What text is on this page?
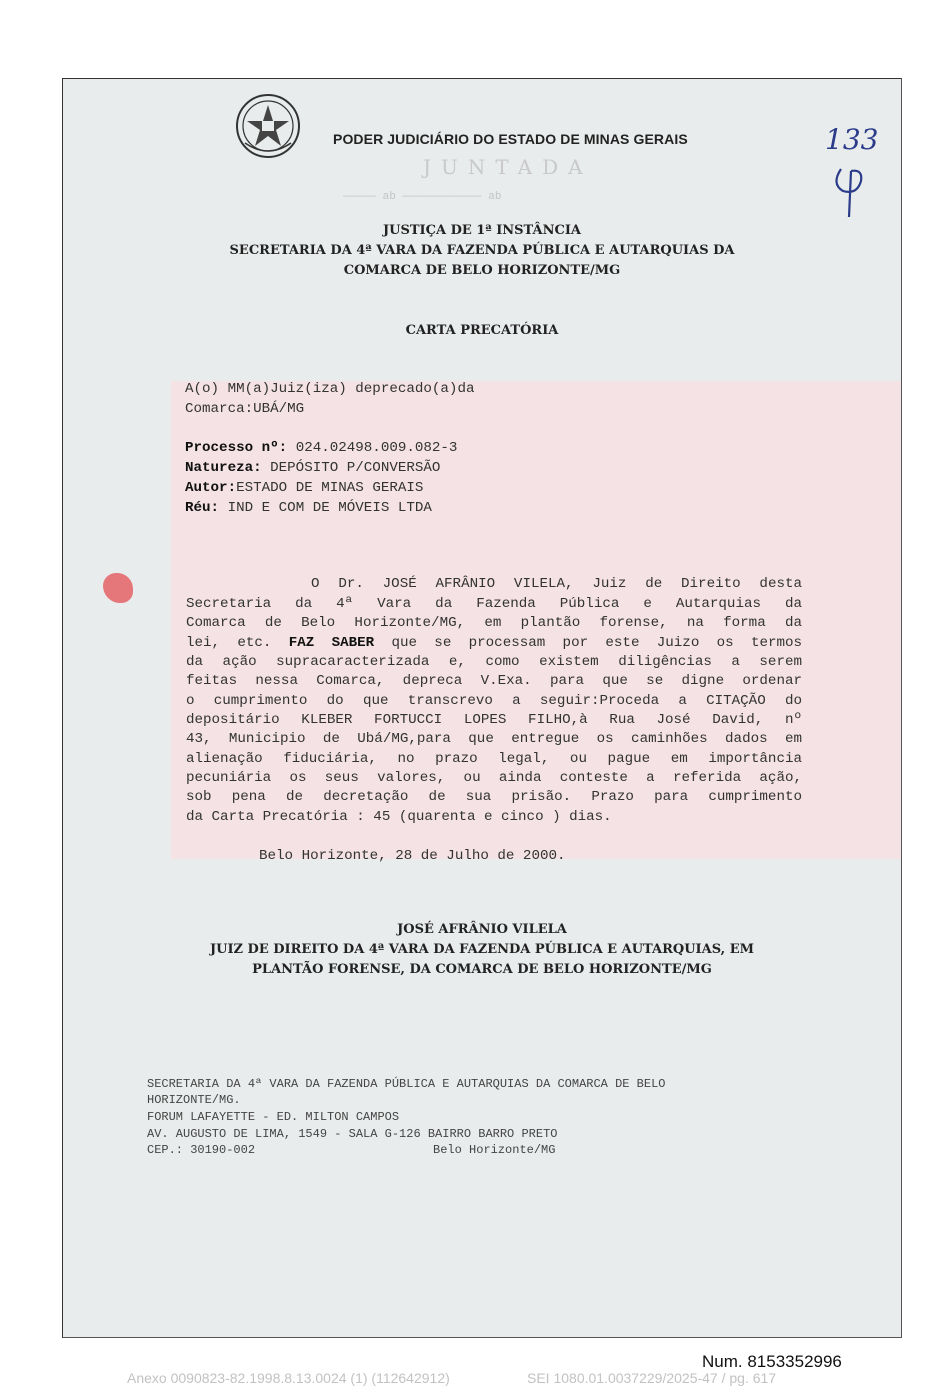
PODER JUDICIÁRIO DO ESTADO DE MINAS GERAIS
JUNTADA
————— ab ———————————— ab
133
JUSTIÇA DE 1ª INSTÂNCIA
SECRETARIA DA 4ª VARA DA FAZENDA PÚBLICA E AUTARQUIAS DA
COMARCA DE BELO HORIZONTE/MG
CARTA PRECATÓRIA
A(o) MM(a)Juiz(iza) deprecado(a)da
Comarca:UBÁ/MG
Processo nº: 024.02498.009.082-3
Natureza: DEPÓSITO P/CONVERSÃO
Autor:ESTADO DE MINAS GERAIS
Réu: IND E COM DE MÓVEIS LTDA
O Dr. JOSÉ AFRÂNIO VILELA, Juiz de Direito desta
Secretaria da 4ª Vara da Fazenda Pública e Autarquias da
Comarca de Belo Horizonte/MG, em plantão forense, na forma da
lei, etc. FAZ SABER que se processam por este Juizo os termos
da ação supracaracterizada e, como existem diligências a serem
feitas nessa Comarca, depreca V.Exa. para que se digne ordenar
o cumprimento do que transcrevo a seguir:Proceda a CITAÇÃO do
depositário KLEBER FORTUCCI LOPES FILHO,à Rua José David, nº
43, Municipio de Ubá/MG,para que entregue os caminhões dados em
alienação fiduciária, no prazo legal, ou pague em importância
pecuniária os seus valores, ou ainda conteste a referida ação,
sob pena de decretação de sua prisão. Prazo para cumprimento
da Carta Precatória : 45 (quarenta e cinco ) dias.
Belo Horizonte, 28 de Julho de 2000.
JOSÉ AFRÂNIO VILELA
JUIZ DE DIREITO DA 4ª VARA DA FAZENDA PÚBLICA E AUTARQUIAS, EM
PLANTÃO FORENSE, DA COMARCA DE BELO HORIZONTE/MG
SECRETARIA DA 4ª VARA DA FAZENDA PÚBLICA E AUTARQUIAS DA COMARCA DE BELO
HORIZONTE/MG.
FORUM LAFAYETTE - ED. MILTON CAMPOS
AV. AUGUSTO DE LIMA, 1549 - SALA G-126 BAIRRO BARRO PRETO
CEP.: 30190-002	Belo Horizonte/MG
Num. 8153352996
Anexo 0090823-82.1998.8.13.0024 (1) (112642912)	SEI 1080.01.0037229/2025-47 / pg. 617
